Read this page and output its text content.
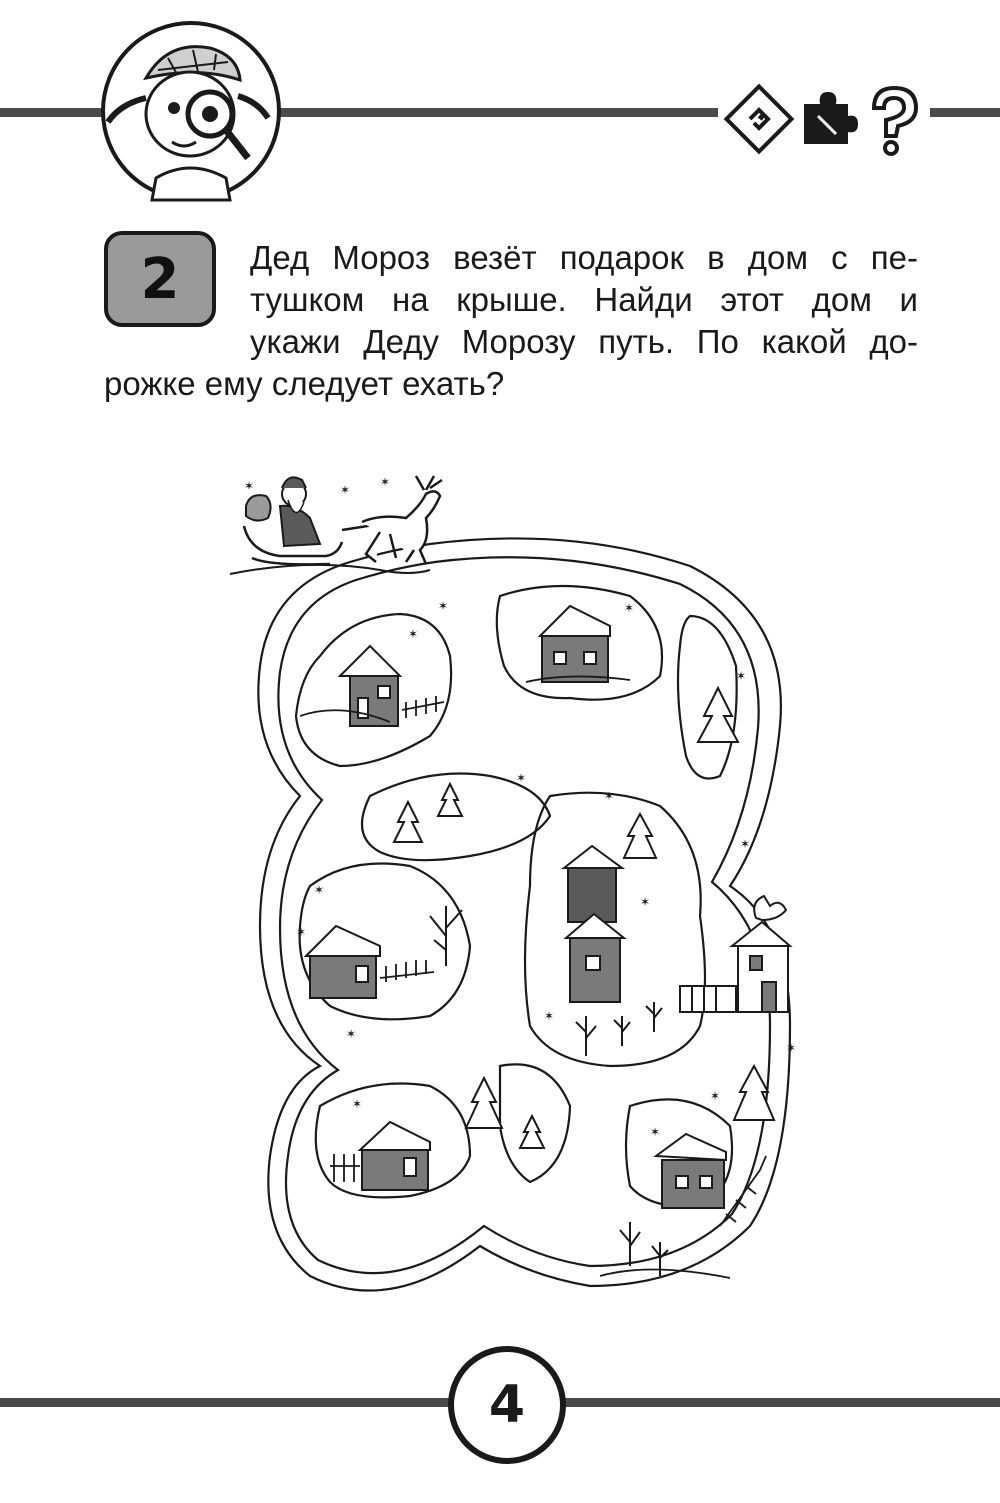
2	Дед Мороз везёт подарок в дом с пе-
тушком на крыше. Найди этот дом и
укажи Деду Морозу путь. По какой до-
рожке ему следует ехать?
✶	✶
✶
✶
✶
✶
✶
✶
✶
✶
✶
✶
✶
✶
✶
✶
✶
✶
✶
4
